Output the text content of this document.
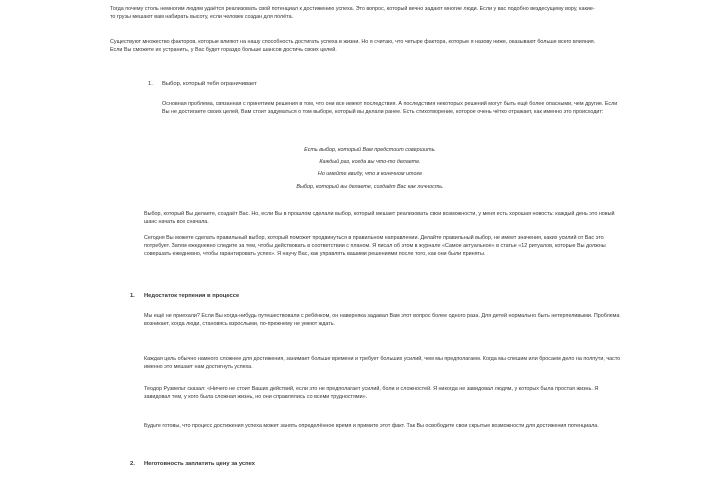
Тогда почему столь немногим людям удаётся реализовать свой потенциал к достижению успеха. Это вопрос, который вечно задают многие люди. Если у вас подобно вездесущему вору, какие-то грузы мешают вам набирать высоту, если человек создан для полёта.

Существуют множество факторов, которые влияют на нашу способность достигать успеха в жизни. Но я считаю, что четыре фактора, которые я назову ниже, оказывают больше всего влияния. Если Вы сможете их устранить, у Вас будет гораздо больше шансов достичь своих целей.

1. Выбор, который тебя ограничивает

Основная проблема, связанная с принятием решения в том, что они все имеют последствия. А последствия некоторых решений могут быть ещё более опасными, чем другие. Если Вы не достигаете своих целей, Вам стоит задуматься о том выборе, который вы делали ранее. Есть стихотворение, которое очень чётко отражает, как именно это происходит:

Есть выбор, который Вам предстоит совершить.
Каждый раз, когда вы что-то делаете.
Но имейте ввиду, что в конечном итоге
Выбор, который вы делаете, создаёт Вас как личность.

Выбор, который Вы делаете, создаёт Вас. Но, если Вы в прошлом сделали выбор, который мешает реализовать свои возможности, у меня есть хорошая новость: каждый день это новый шанс начать все сначала.

Сегодня Вы можете сделать правильный выбор, который поможет продвинуться в правильном направлении. Делайте правильный выбор, не имеет значения, каких усилий от Вас это потребует. Затем ежедневно следите за тем, чтобы действовать в соответствии с планом. Я писал об этом в журнале «Самое актуальное» в статье «12 ритуалов, которые Вы должны совершать ежедневно, чтобы гарантировать успех». Я научу Вас, как управлять вашими решениями после того, как они были приняты.

1. Недостаток терпения в процессе

Мы ещё не приехали? Если Вы когда-нибудь путешествовали с ребёнком, он наверняка задавал Вам этот вопрос более одного раза. Для детей нормально быть нетерпеливыми. Проблема возникает, когда люди, становясь взрослыми, по-прежнему не умеют ждать.

Каждая цель обычно намного сложнее для достижения, занимает больше времени и требует больших усилий, чем мы предполагаем. Когда мы спешим или бросаем дело на полпути, часто именно это мешает нам достигнуть успеха.

Теодор Рузвельт сказал: «Ничего не стоит Ваших действий, если это не предполагает усилий, боли и сложностей. Я никогда не завидовал людям, у которых была простая жизнь. Я завидовал тем, у кого была сложная жизнь, но они справлялись со всеми трудностями».

Будьте готовы, что процесс достижения успеха может занять определённое время и примите этот факт. Так Вы освободите свои скрытые возможности для достижения потенциала.

2. Неготовность заплатить цену за успех
